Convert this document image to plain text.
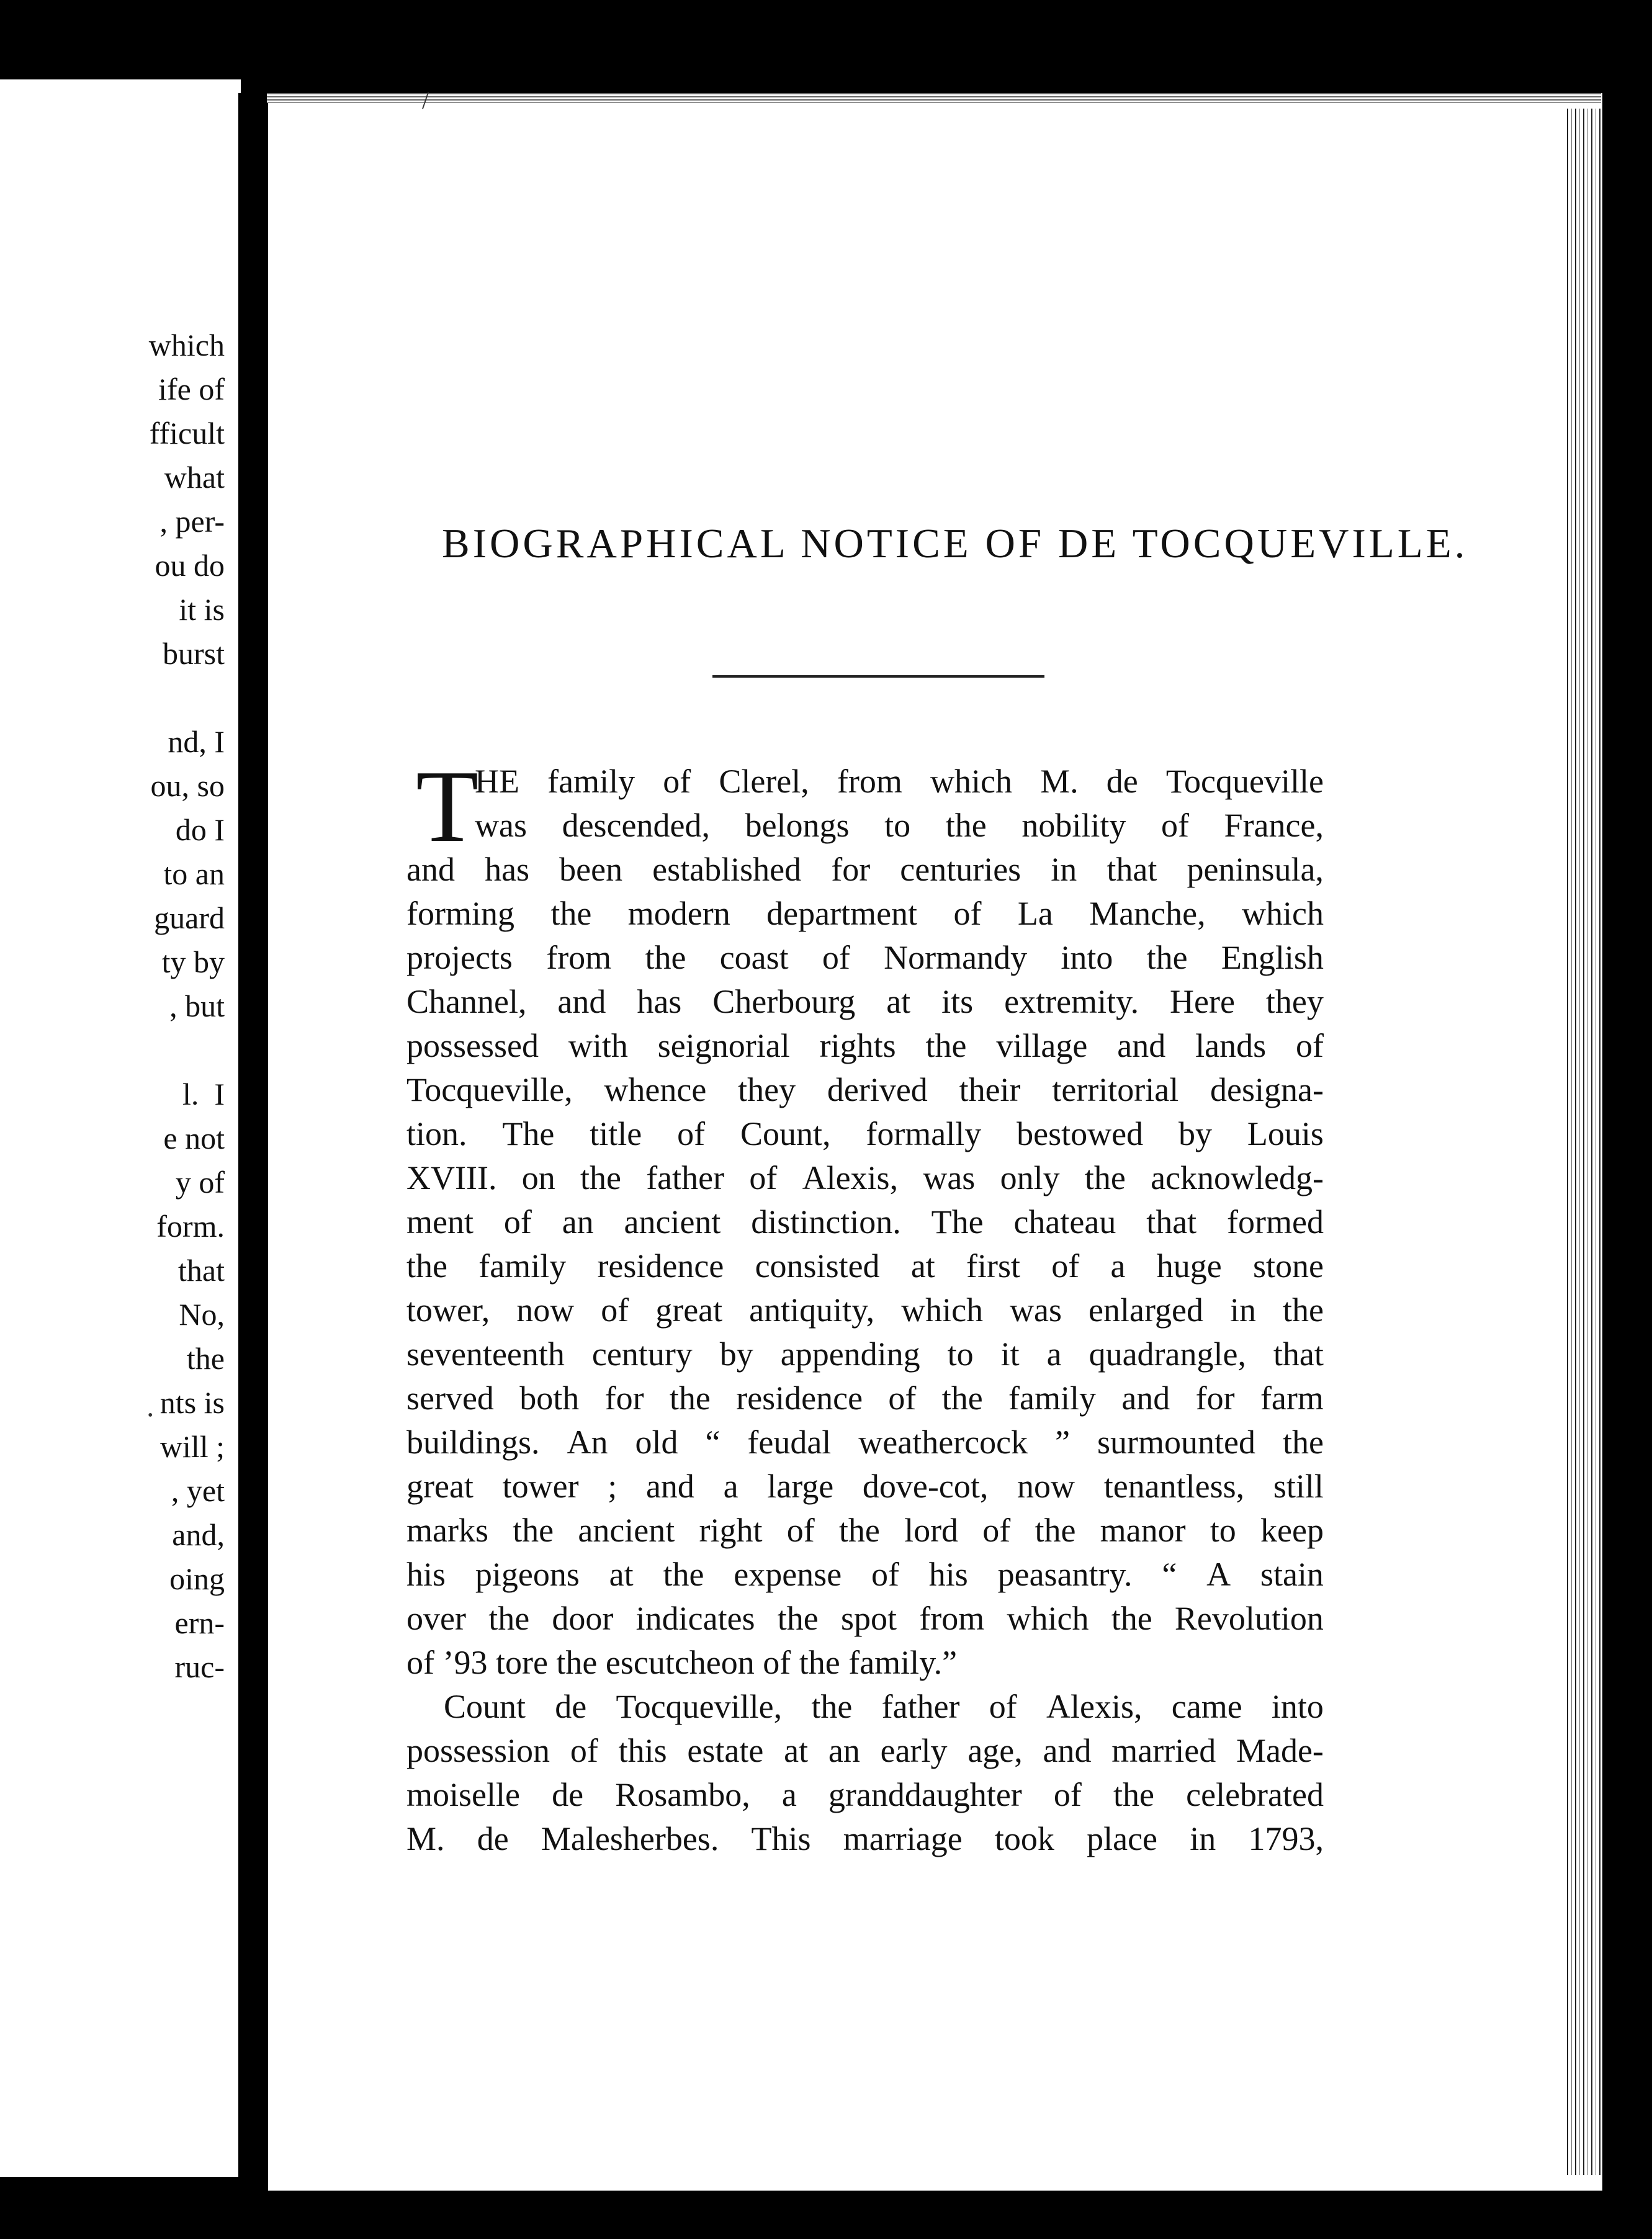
which
ife of
fficult
what
, per-
ou do
it is
burst
nd, I
ou, so
do I
to an
guard
ty by
, but
l.  I
e not
y of
form.
that
No,
the
nts is
will ;
, yet
and,
oing
ern-
ruc-
/
•
BIOGRAPHICAL NOTICE OF DE TOCQUEVILLE.
T
HE family of Clerel, from which M. de Tocqueville
was descended, belongs to the nobility of France,
and has been established for centuries in that peninsula,
forming the modern department of La Manche, which
projects from the coast of Normandy into the English
Channel, and has Cherbourg at its extremity. Here they
possessed with seignorial rights the village and lands of
Tocqueville, whence they derived their territorial designa-
tion. The title of Count, formally bestowed by Louis
XVIII. on the father of Alexis, was only the acknowledg-
ment of an ancient distinction. The chateau that formed
the family residence consisted at first of a huge stone
tower, now of great antiquity, which was enlarged in the
seventeenth century by appending to it a quadrangle, that
served both for the residence of the family and for farm
buildings. An old “ feudal weathercock ” surmounted the
great tower ; and a large dove-cot, now tenantless, still
marks the ancient right of the lord of the manor to keep
his pigeons at the expense of his peasantry. “ A stain
over the door indicates the spot from which the Revolution
of ’93 tore the escutcheon of the family.”
Count de Tocqueville, the father of Alexis, came into
possession of this estate at an early age, and married Made-
moiselle de Rosambo, a granddaughter of the celebrated
M. de Malesherbes. This marriage took place in 1793,
